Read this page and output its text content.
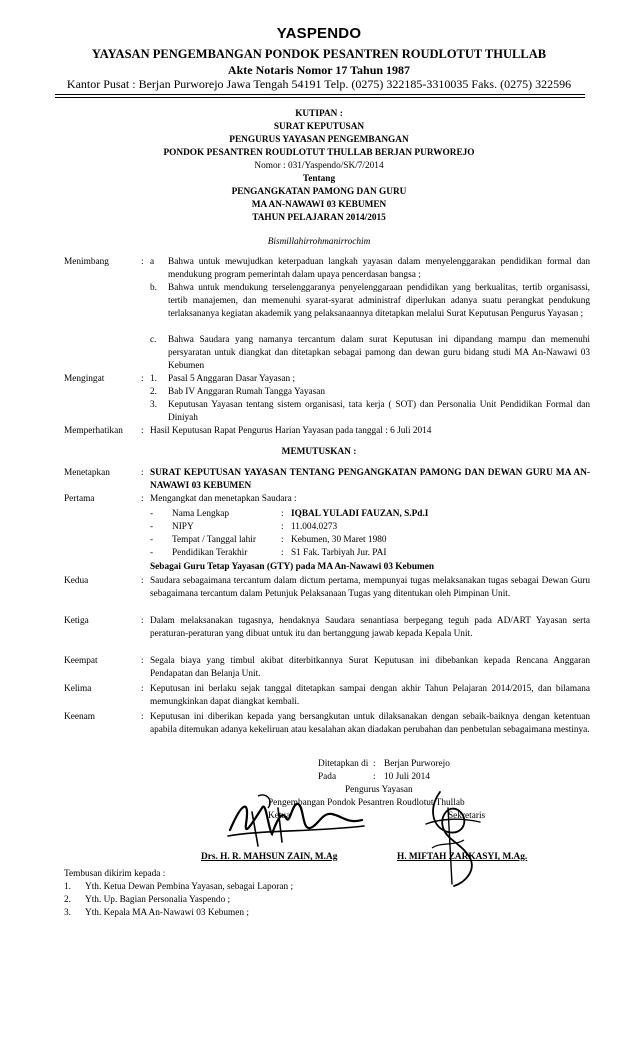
YASPENDO
YAYASAN PENGEMBANGAN PONDOK PESANTREN ROUDLOTUT THULLAB
Akte Notaris Nomor 17 Tahun 1987
Kantor Pusat : Berjan Purworejo Jawa Tengah 54191 Telp. (0275) 322185-3310035 Faks. (0275) 322596
KUTIPAN :
SURAT KEPUTUSAN
PENGURUS YAYASAN PENGEMBANGAN
PONDOK PESANTREN ROUDLOTUT THULLAB BERJAN PURWOREJO
Nomor : 031/Yaspendo/SK/7/2014
Tentang
PENGANGKATAN PAMONG DAN GURU
MA AN-NAWAWI 03 KEBUMEN
TAHUN PELAJARAN 2014/2015
Bismillahirrohmanirrochim
Menimbang	: a Bahwa untuk mewujudkan keterpaduan langkah yayasan dalam menyelenggarakan pendidikan formal dan mendukung program pemerintah dalam upaya pencerdasan bangsa ;
b. Bahwa untuk mendukung terselenggaranya penyelenggaraan pendidikan yang berkualitas, tertib organisassi, tertib manajemen, dan memenuhi syarat-syarat administraf diperlukan adanya suatu perangkat pendukung terlaksananya kegiatan akademik yang pelaksanaannya ditetapkan melalui Surat Keputusan Pengurus Yayasan ;
c. Bahwa Saudara yang namanya tercantum dalam surat Keputusan ini dipandang mampu dan memenuhi persyaratan untuk diangkat dan ditetapkan sebagai pamong dan dewan guru bidang studi MA An-Nawawi 03 Kebumen
Mengingat	: 1. Pasal 5 Anggaran Dasar Yayasan ;
2. Bab IV Anggaran Rumah Tangga Yayasan
3. Keputusan Yayasan tentang sistem organisasi, tata kerja ( SOT) dan Personalia Unit Pendidikan Formal dan Diniyah
Memperhatikan : Hasil Keputusan Rapat Pengurus Harian Yayasan pada tanggal : 6 Juli 2014
MEMUTUSKAN :
Menetapkan	: SURAT KEPUTUSAN YAYASAN TENTANG PENGANGKATAN PAMONG DAN DEWAN GURU MA AN-NAWAWI 03 KEBUMEN
Pertama	: Mengangkat dan menetapkan Saudara :
- Nama Lengkap	: IQBAL YULADI FAUZAN, S.Pd.I
- NIPY	: 11.004.0273
- Tempat / Tanggal lahir	: Kebumen, 30 Maret 1980
- Pendidikan Terakhir	: S1 Fak. Tarbiyah Jur. PAI
Sebagai Guru Tetap Yayasan (GTY) pada MA An-Nawawi 03 Kebumen
Kedua	: Saudara sebagaimana tercantum dalam dictum pertama, mempunyai tugas melaksanakan tugas sebagai Dewan Guru sebagaimana tercantum dalam Petunjuk Pelaksanaan Tugas yang ditentukan oleh Pimpinan Unit.
Ketiga	: Dalam melaksanakan tugasnya, hendaknya Saudara senantiasa berpegang teguh pada AD/ART Yayasan serta peraturan-peraturan yang dibuat untuk itu dan bertanggung jawab kepada Kepala Unit.
Keempat	: Segala biaya yang timbul akibat diterbitkannya Surat Keputusan ini dibebankan kepada Rencana Anggaran Pendapatan dan Belanja Unit.
Kelima	: Keputusan ini berlaku sejak tanggal ditetapkan sampai dengan akhir Tahun Pelajaran 2014/2015, dan bilamana memungkinkan dapat diangkat kembali.
Keenam	: Keputusan ini diberikan kepada yang bersangkutan untuk dilaksanakan dengan sebaik-baiknya dengan ketentuan apabila ditemukan adanya kekeliruan atau kesalahan akan diadakan perubahan dan penbetulan sebagaimana mestinya.
Ditetapkan di : Berjan Purworejo
Pada	: 10 Juli 2014
Pengurus Yayasan
Pengembangan Pondok Pesantren Roudlotut Thullab
Ketua	Sekretaris
Drs. H. R. MAHSUN ZAIN, M.Ag	H. MIFTAH ZARKASYI, M.Ag.
Tembusan dikirim kepada :
1. Yth. Ketua Dewan Pembina Yayasan, sebagai Laporan ;
2. Yth. Up. Bagian Personalia Yaspendo ;
3. Yth. Kepala MA An-Nawawi 03 Kebumen ;
